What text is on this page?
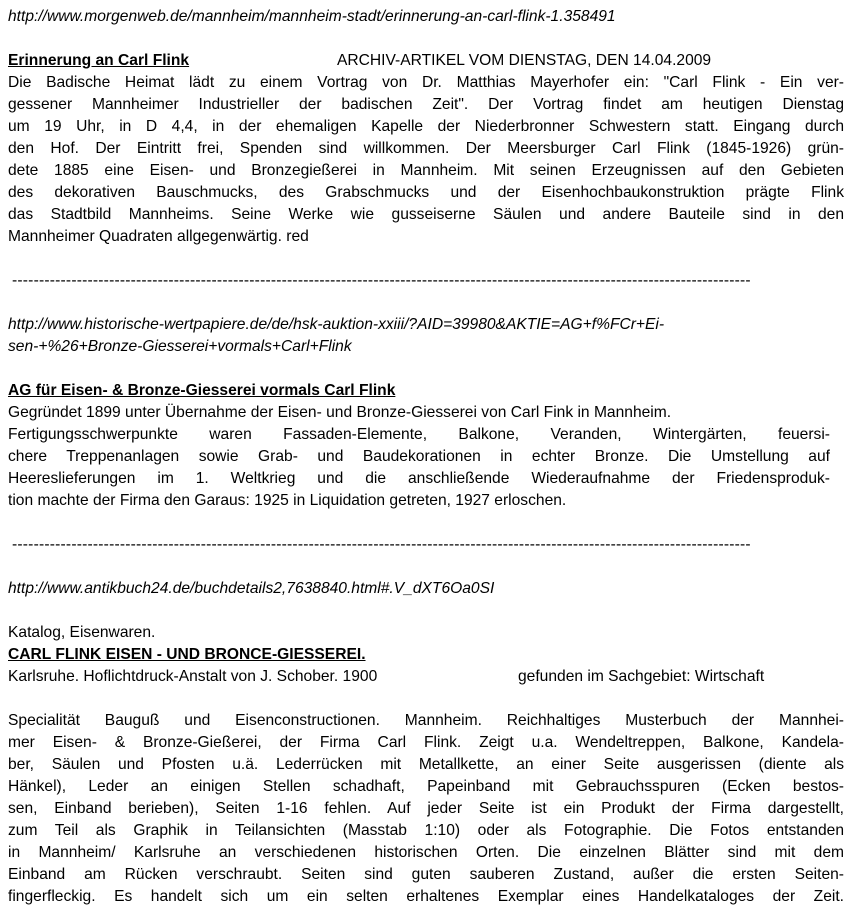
http://www.morgenweb.de/mannheim/mannheim-stadt/erinnerung-an-carl-flink-1.358491
Erinnerung an Carl Flink	ARCHIV-ARTIKEL VOM DIENSTAG, DEN 14.04.2009
Die Badische Heimat lädt zu einem Vortrag von Dr. Matthias Mayerhofer ein: "Carl Flink - Ein ver-
gessener Mannheimer Industrieller der badischen Zeit". Der Vortrag findet am heutigen Dienstag
um 19 Uhr, in D 4,4, in der ehemaligen Kapelle der Niederbronner Schwestern statt. Eingang durch
den Hof. Der Eintritt frei, Spenden sind willkommen. Der Meersburger Carl Flink (1845-1926) grün-
dete 1885 eine Eisen- und Bronzegießerei in Mannheim. Mit seinen Erzeugnissen auf den Gebieten
des dekorativen Bauschmucks, des Grabschmucks und der Eisenhochbaukonstruktion prägte Flink
das Stadtbild Mannheims. Seine Werke wie gusseiserne Säulen und andere Bauteile sind in den
Mannheimer Quadraten allgegenwärtig. red
-----------------------------------------------------------------------------------------------------------------------------------------
http://www.historische-wertpapiere.de/de/hsk-auktion-xxiii/?AID=39980&AKTIE=AG+f%FCr+Ei-
sen-+%26+Bronze-Giesserei+vormals+Carl+Flink
AG für Eisen- & Bronze-Giesserei vormals Carl Flink
Gegründet 1899 unter Übernahme der Eisen- und Bronze-Giesserei von Carl Fink in Mannheim.
Fertigungsschwerpunkte waren Fassaden-Elemente, Balkone, Veranden, Wintergärten, feuersi-
chere Treppenanlagen sowie Grab- und Baudekorationen in echter Bronze. Die Umstellung auf
Heereslieferungen im 1. Weltkrieg und die anschließende Wiederaufnahme der Friedensproduk-
tion machte der Firma den Garaus: 1925 in Liquidation getreten, 1927 erloschen.
-----------------------------------------------------------------------------------------------------------------------------------------
http://www.antikbuch24.de/buchdetails2,7638840.html#.V_dXT6Oa0SI
Katalog, Eisenwaren.
CARL FLINK EISEN - UND BRONCE-GIESSEREI.
Karlsruhe. Hoflichtdruck-Anstalt von J. Schober. 1900	gefunden im Sachgebiet: Wirtschaft
Specialität Bauguß und Eisenconstructionen. Mannheim. Reichhaltiges Musterbuch der Mannhei-
mer Eisen- & Bronze-Gießerei, der Firma Carl Flink. Zeigt u.a. Wendeltreppen, Balkone, Kandela-
ber, Säulen und Pfosten u.ä. Lederrücken mit Metallkette, an einer Seite ausgerissen (diente als
Hänkel), Leder an einigen Stellen schadhaft, Papeinband mit Gebrauchsspuren (Ecken bestos-
sen, Einband berieben), Seiten 1-16 fehlen. Auf jeder Seite ist ein Produkt der Firma dargestellt,
zum Teil als Graphik in Teilansichten (Masstab 1:10) oder als Fotographie. Die Fotos entstanden
in Mannheim/ Karlsruhe an verschiedenen historischen Orten. Die einzelnen Blätter sind mit dem
Einband am Rücken verschraubt. Seiten sind guten sauberen Zustand, außer die ersten Seiten-
fingerfleckig. Es handelt sich um ein selten erhaltenes Exemplar eines Handelkataloges der Zeit.
